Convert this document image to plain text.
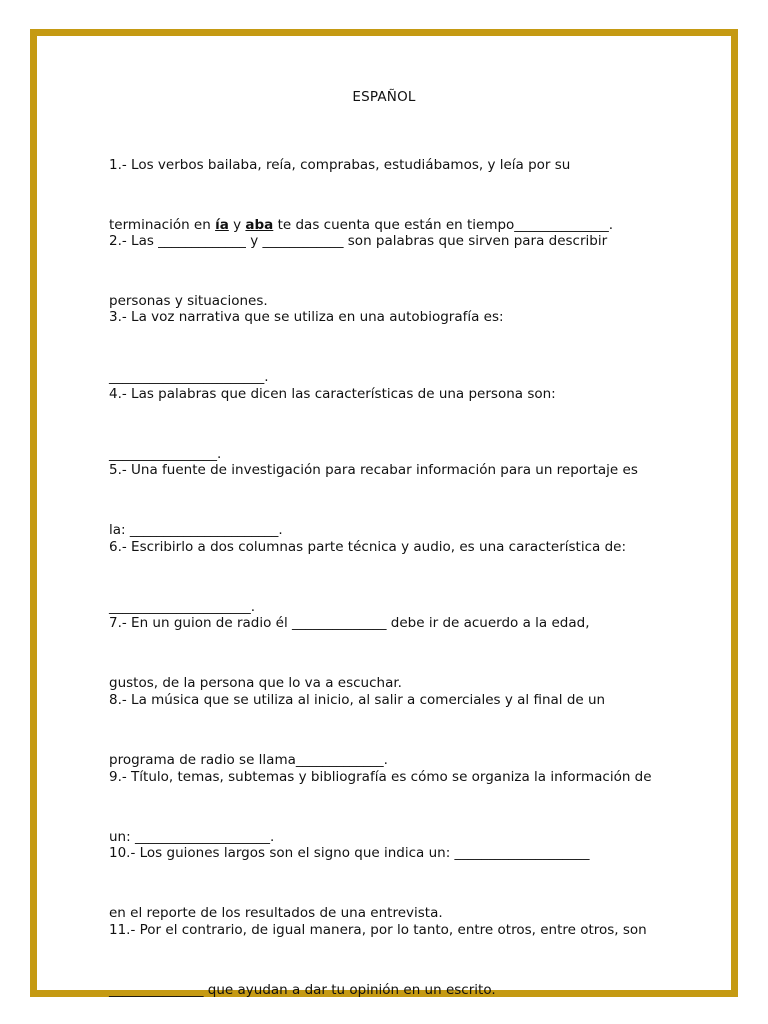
ESPAÑOL

1.- Los verbos bailaba, reía, comprabas, estudiábamos, y leía por su

terminación en ía y aba te das cuenta que están en tiempo______________.

2.- Las _____________ y ____________ son palabras que sirven para describir

personas y situaciones.

3.- La voz narrativa que se utiliza en una autobiografía es:

_______________________.

4.- Las palabras que dicen las características de una persona son:

________________.

5.- Una fuente de investigación para recabar información para un reportaje es

la: ______________________.

6.- Escribirlo a dos columnas parte técnica y audio, es una característica de:

_____________________.

7.- En un guion de radio él ______________ debe ir de acuerdo a la edad,

gustos, de la persona que lo va a escuchar.

8.- La música que se utiliza al inicio, al salir a comerciales y al final de un

programa de radio se llama_____________.

9.- Título, temas, subtemas y bibliografía es cómo se organiza la información de

un: ____________________.

10.- Los guiones largos son el signo que indica un: ____________________

en el reporte de los resultados de una entrevista.

11.- Por el contrario, de igual manera, por lo tanto, entre otros, entre otros, son

______________ que ayudan a dar tu opinión en un escrito.
